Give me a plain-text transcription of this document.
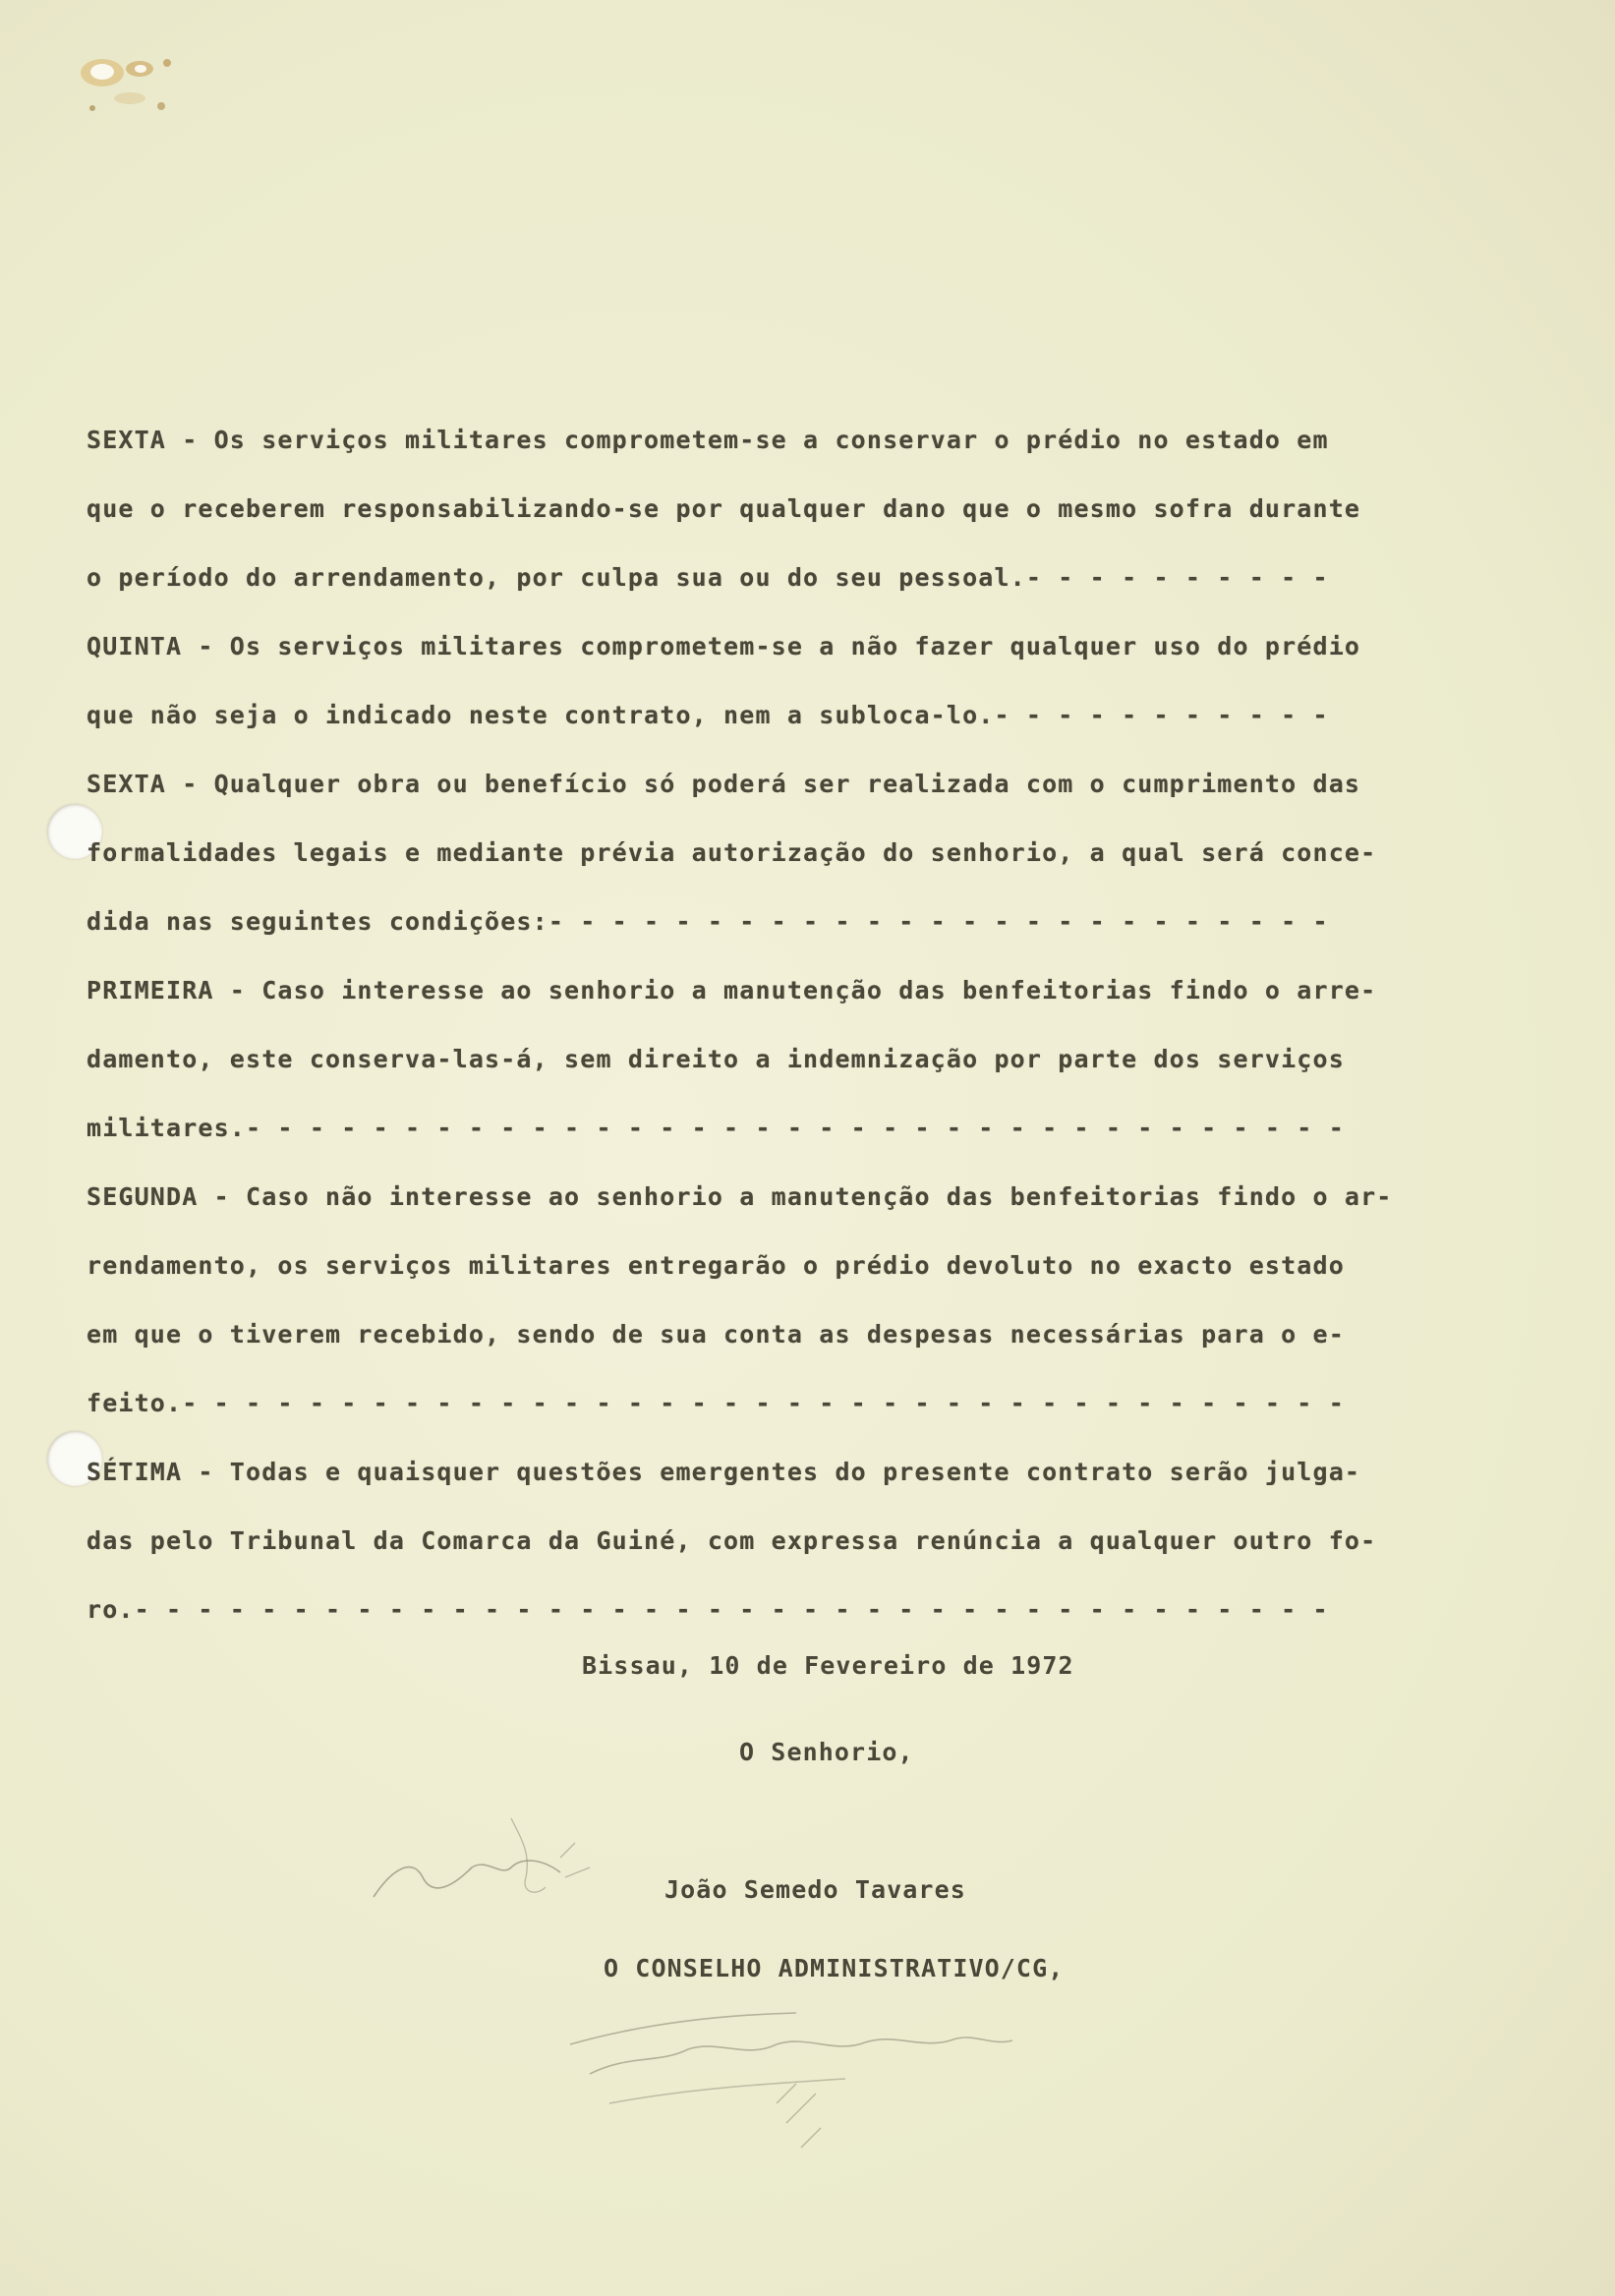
SEXTA - Os serviços militares comprometem-se a conservar o prédio no estado em
que o receberem responsabilizando-se por qualquer dano que o mesmo sofra durante
o período do arrendamento, por culpa sua ou do seu pessoal.- - - - - - - - - -
QUINTA - Os serviços militares comprometem-se a não fazer qualquer uso do prédio
que não seja o indicado neste contrato, nem a subloca-lo.- - - - - - - - - - -
SEXTA - Qualquer obra ou benefício só poderá ser realizada com o cumprimento das
formalidades legais e mediante prévia autorização do senhorio, a qual será conce-
dida nas seguintes condições:- - - - - - - - - - - - - - - - - - - - - - - - -
PRIMEIRA - Caso interesse ao senhorio a manutenção das benfeitorias findo o arre-
damento, este conserva-las-á, sem direito a indemnização por parte dos serviços
militares.- - - - - - - - - - - - - - - - - - - - - - - - - - - - - - - - - - -
SEGUNDA - Caso não interesse ao senhorio a manutenção das benfeitorias findo o ar-
rendamento, os serviços militares entregarão o prédio devoluto no exacto estado
em que o tiverem recebido, sendo de sua conta as despesas necessárias para o e-
feito.- - - - - - - - - - - - - - - - - - - - - - - - - - - - - - - - - - - - -
SÉTIMA - Todas e quaisquer questões emergentes do presente contrato serão julga-
das pelo Tribunal da Comarca da Guiné, com expressa renúncia a qualquer outro fo-
ro.- - - - - - - - - - - - - - - - - - - - - - - - - - - - - - - - - - - - - -
Bissau, 10 de Fevereiro de 1972
O Senhorio,
João Semedo Tavares
O CONSELHO ADMINISTRATIVO/CG,
